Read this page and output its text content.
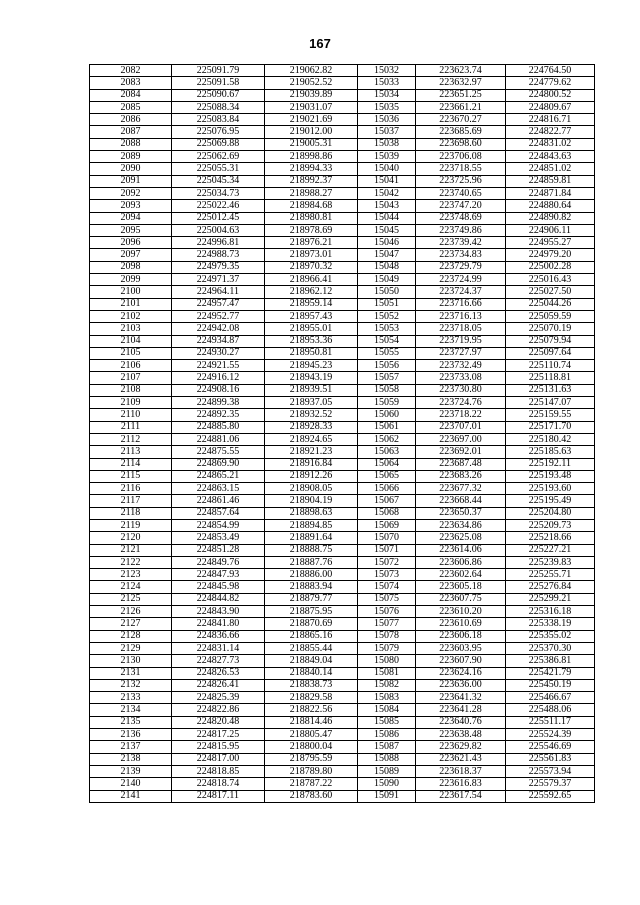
167
2082	225091.79	219062.82	15032	223623.74	224764.50
2083	225091.58	219052.52	15033	223632.97	224779.62
2084	225090.67	219039.89	15034	223651.25	224800.52
2085	225088.34	219031.07	15035	223661.21	224809.67
2086	225083.84	219021.69	15036	223670.27	224816.71
2087	225076.95	219012.00	15037	223685.69	224822.77
2088	225069.88	219005.31	15038	223698.60	224831.02
2089	225062.69	218998.86	15039	223706.08	224843.63
2090	225055.31	218994.33	15040	223718.55	224851.02
2091	225045.34	218992.37	15041	223725.96	224859.81
2092	225034.73	218988.27	15042	223740.65	224871.84
2093	225022.46	218984.68	15043	223747.20	224880.64
2094	225012.45	218980.81	15044	223748.69	224890.82
2095	225004.63	218978.69	15045	223749.86	224906.11
2096	224996.81	218976.21	15046	223739.42	224955.27
2097	224988.73	218973.01	15047	223734.83	224979.20
2098	224979.35	218970.32	15048	223729.79	225002.28
2099	224971.37	218966.41	15049	223724.99	225016.43
2100	224964.11	218962.12	15050	223724.37	225027.50
2101	224957.47	218959.14	15051	223716.66	225044.26
2102	224952.77	218957.43	15052	223716.13	225059.59
2103	224942.08	218955.01	15053	223718.05	225070.19
2104	224934.87	218953.36	15054	223719.95	225079.94
2105	224930.27	218950.81	15055	223727.97	225097.64
2106	224921.55	218945.23	15056	223732.49	225110.74
2107	224916.12	218943.19	15057	223733.08	225118.81
2108	224908.16	218939.51	15058	223730.80	225131.63
2109	224899.38	218937.05	15059	223724.76	225147.07
2110	224892.35	218932.52	15060	223718.22	225159.55
2111	224885.80	218928.33	15061	223707.01	225171.70
2112	224881.06	218924.65	15062	223697.00	225180.42
2113	224875.55	218921.23	15063	223692.01	225185.63
2114	224869.90	218916.84	15064	223687.48	225192.11
2115	224865.21	218912.26	15065	223683.26	225193.48
2116	224863.15	218908.05	15066	223677.32	225193.60
2117	224861.46	218904.19	15067	223668.44	225195.49
2118	224857.64	218898.63	15068	223650.37	225204.80
2119	224854.99	218894.85	15069	223634.86	225209.73
2120	224853.49	218891.64	15070	223625.08	225218.66
2121	224851.28	218888.75	15071	223614.06	225227.21
2122	224849.76	218887.76	15072	223606.86	225239.83
2123	224847.93	218886.00	15073	223602.64	225255.71
2124	224845.98	218883.94	15074	223605.18	225276.84
2125	224844.82	218879.77	15075	223607.75	225299.21
2126	224843.90	218875.95	15076	223610.20	225316.18
2127	224841.80	218870.69	15077	223610.69	225338.19
2128	224836.66	218865.16	15078	223606.18	225355.02
2129	224831.14	218855.44	15079	223603.95	225370.30
2130	224827.73	218849.04	15080	223607.90	225386.81
2131	224826.53	218840.14	15081	223624.16	225421.79
2132	224826.41	218838.73	15082	223636.00	225450.19
2133	224825.39	218829.58	15083	223641.32	225466.67
2134	224822.86	218822.56	15084	223641.28	225488.06
2135	224820.48	218814.46	15085	223640.76	225511.17
2136	224817.25	218805.47	15086	223638.48	225524.39
2137	224815.95	218800.04	15087	223629.82	225546.69
2138	224817.00	218795.59	15088	223621.43	225561.83
2139	224818.85	218789.80	15089	223618.37	225573.94
2140	224818.74	218787.22	15090	223616.83	225579.37
2141	224817.11	218783.60	15091	223617.54	225592.65
